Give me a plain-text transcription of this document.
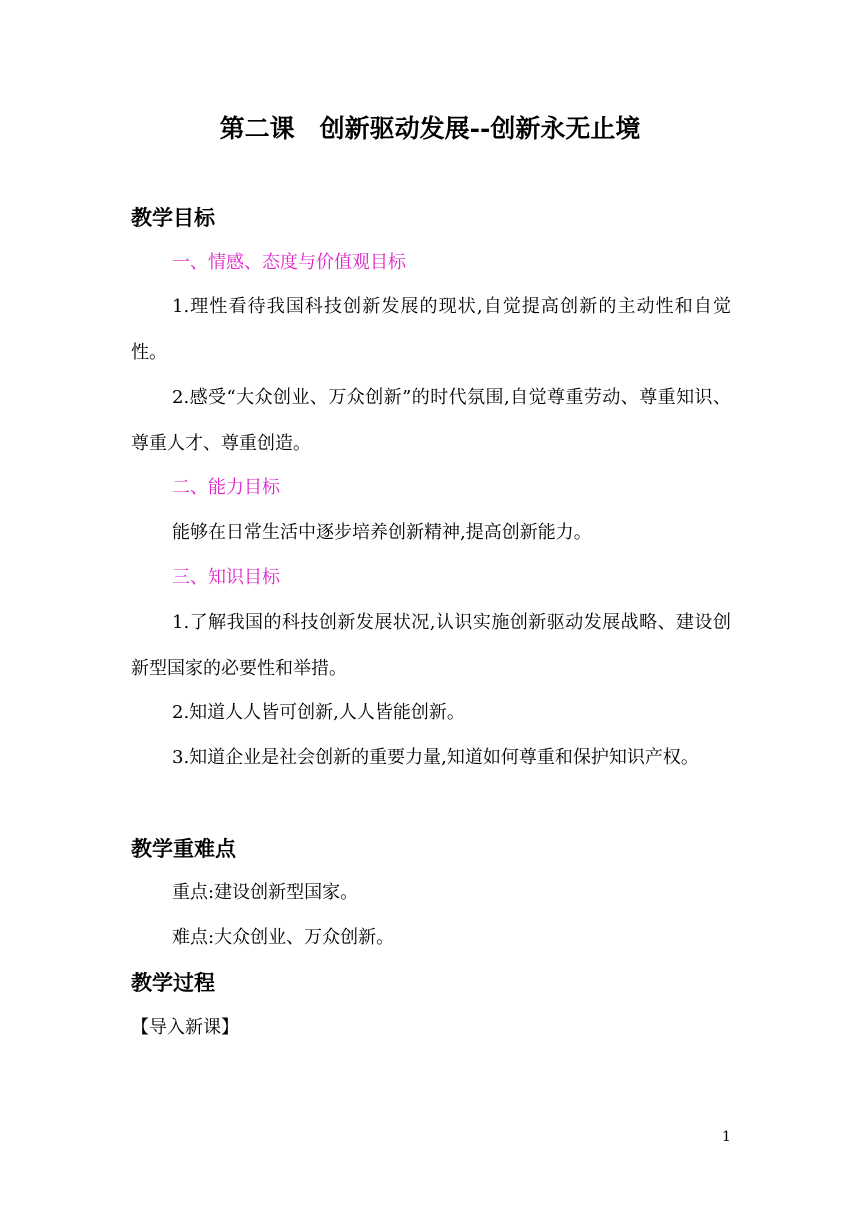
第二课　创新驱动发展--创新永无止境
教学目标
一、情感、态度与价值观目标
1.理性看待我国科技创新发展的现状,自觉提高创新的主动性和自觉性。
2.感受“大众创业、万众创新”的时代氛围,自觉尊重劳动、尊重知识、尊重人才、尊重创造。
二、能力目标
能够在日常生活中逐步培养创新精神,提高创新能力。
三、知识目标
1.了解我国的科技创新发展状况,认识实施创新驱动发展战略、建设创新型国家的必要性和举措。
2.知道人人皆可创新,人人皆能创新。
3.知道企业是社会创新的重要力量,知道如何尊重和保护知识产权。
教学重难点
重点:建设创新型国家。
难点:大众创业、万众创新。
教学过程
【导入新课】
1
